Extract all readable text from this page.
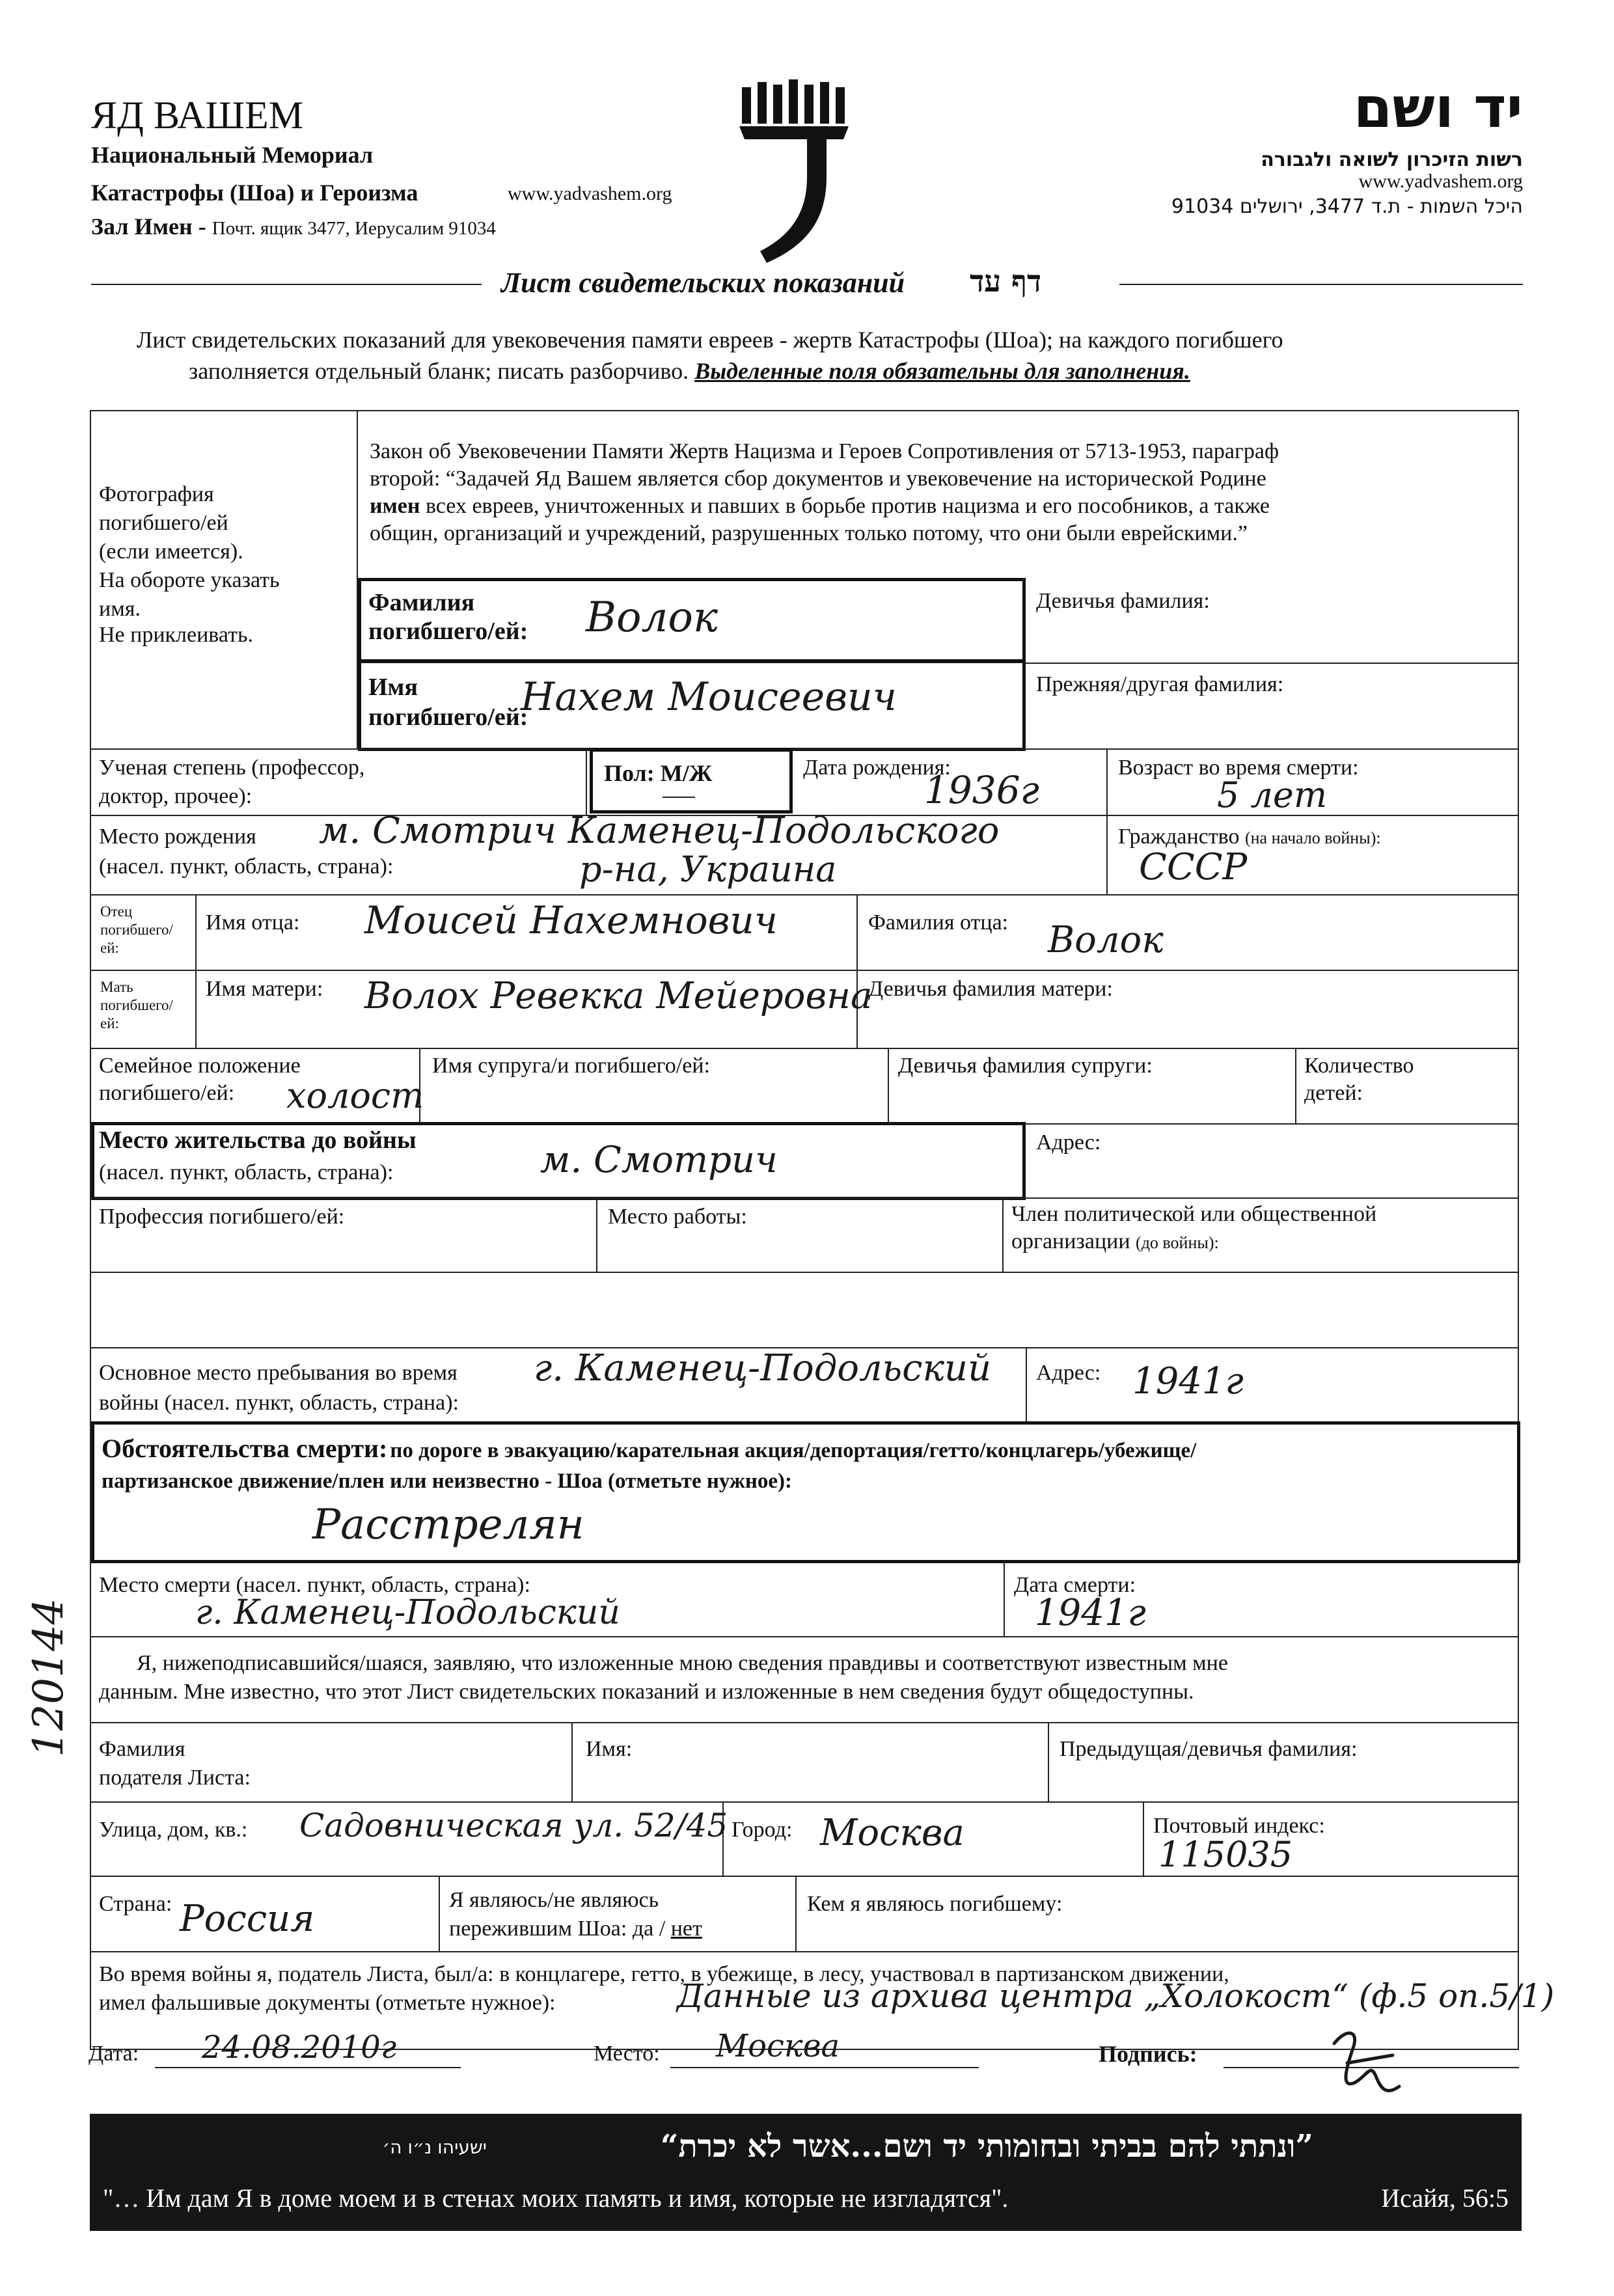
ЯД ВАШЕМ
Национальный Мемориал
Катастрофы (Шоа) и Героизма	www.yadvashem.org
Зал Имен - Почт. ящик 3477, Иерусалим 91034
יד ושם
רשות הזיכרון לשואה ולגבורה
www.yadvashem.org
היכל השמות - ת.ד 3477, ירושלים 91034
Лист свидетельских показаний דף עד
Лист свидетельских показаний для увековечения памяти евреев - жертв Катастрофы (Шоа); на каждого погибшего
заполняется отдельный бланк; писать разборчиво. Выделенные поля обязательны для заполнения.
Фотография
погибшего/ей
(если имеется).
На обороте указать
имя.
Не приклеивать.
Закон об Увековечении Памяти Жертв Нацизма и Героев Сопротивления от 5713-1953, параграф
второй: “Задачей Яд Вашем является сбор документов и увековечение на исторической Родине
имен всех евреев, уничтоженных и павших в борьбе против нацизма и его пособников, а также
общин, организаций и учреждений, разрушенных только потому, что они были еврейскими.”
Фамилия
погибшего/ей: Волок	Девичья фамилия:
Имя
погибшего/ей:
Нахем Моисеевич	Прежняя/другая фамилия:
Ученая степень (профессор,
доктор, прочее):
Пол: М/Ж	Дата рождения:
1936г
Возраст во время смерти:
5 лет
Место рождения
(насел. пункт, область, страна):
м. Смотрич Каменец-Подольского
р-на, Украина
Гражданство (на начало войны):
СССР
Отец
погибшего/
ей:
Имя отца: Моисей Нахемнович	Фамилия отца: Волок
Мать
погибшего/
ей:
Имя матери: Волох Ревекка Мейеровна
Девичья фамилия матери:
Семейное положение
погибшего/ей: холост
Имя супруга/и погибшего/ей:	Девичья фамилия супруги:	Количество
детей:
Место жительства до войны
(насел. пункт, область, страна):	м. Смотрич	Адрес:
Профессия погибшего/ей:	Место работы:	Член политической или общественной
организации (до войны):
Основное место пребывания во время
войны (насел. пункт, область, страна):
г. Каменец-Подольский Адрес: 1941г
Обстоятельства смерти: по дороге в эвакуацию/карательная акция/депортация/гетто/концлагерь/убежище/
партизанское движение/плен или неизвестно - Шоа (отметьте нужное):
Расстрелян
Место смерти (насел. пункт, область, страна):
г. Каменец-Подольский
Дата смерти:
1941г
Я, нижеподписавшийся/шаяся, заявляю, что изложенные мною сведения правдивы и соответствуют известным мне
данным. Мне известно, что этот Лист свидетельских показаний и изложенные в нем сведения будут общедоступны.
Фамилия
подателя Листа:
Имя:	Предыдущая/девичья фамилия:
Улица, дом, кв.: Садовническая ул. 52/45 Город: Москва	Почтовый индекс:
115035
Страна: Россия	Я являюсь/не являюсь
пережившим Шоа: да / нет
Кем я являюсь погибшему:
Во время войны я, податель Листа, был/а: в концлагере, гетто, в убежище, в лесу, участвовал в партизанском движении,
имел фальшивые документы (отметьте нужное):	Данные из архива центра „Холокост“ (ф.5 оп.5/1)
Дата: 24.08.2010г	Место: Москва	Подпись:
120144
”ונתתי להם בביתי ובחומותי יד ושם...אשר לא יכרת“
ישעיהו נ״ו ה׳
"… Им дам Я в доме моем и в стенах моих память и имя, которые не изгладятся".	Исайя, 56:5
